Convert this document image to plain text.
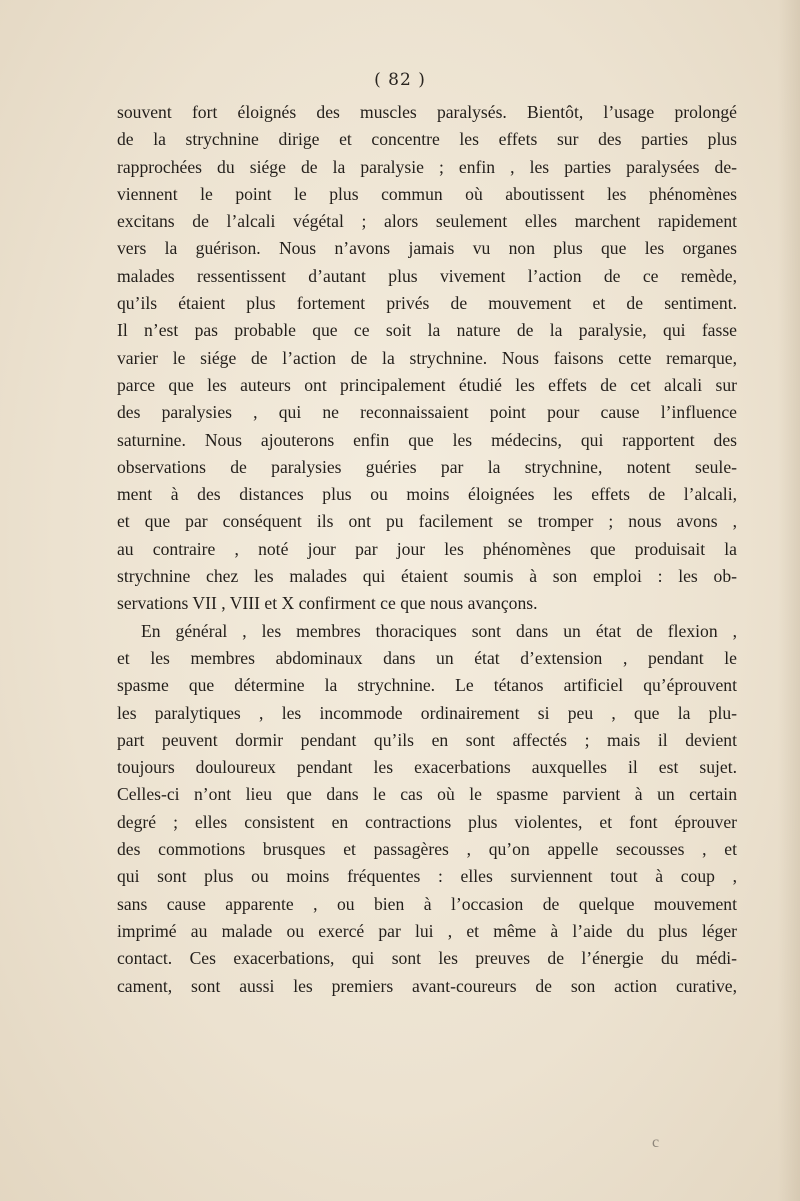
( 82 )
souvent fort éloignés des muscles paralysés. Bientôt, l’usage prolongé
de la strychnine dirige et concentre les effets sur des parties plus
rapprochées du siége de la paralysie ; enfin , les parties paralysées de-
viennent le point le plus commun où aboutissent les phénomènes
excitans de l’alcali végétal ; alors seulement elles marchent rapidement
vers la guérison. Nous n’avons jamais vu non plus que les organes
malades ressentissent d’autant plus vivement l’action de ce remède,
qu’ils étaient plus fortement privés de mouvement et de sentiment.
Il n’est pas probable que ce soit la nature de la paralysie, qui fasse
varier le siége de l’action de la strychnine. Nous faisons cette remarque,
parce que les auteurs ont principalement étudié les effets de cet alcali sur
des paralysies , qui ne reconnaissaient point pour cause l’influence
saturnine. Nous ajouterons enfin que les médecins, qui rapportent des
observations de paralysies guéries par la strychnine, notent seule-
ment à des distances plus ou moins éloignées les effets de l’alcali,
et que par conséquent ils ont pu facilement se tromper ; nous avons ,
au contraire , noté jour par jour les phénomènes que produisait la
strychnine chez les malades qui étaient soumis à son emploi : les ob-
servations VII , VIII et X confirment ce que nous avançons.
En général , les membres thoraciques sont dans un état de flexion ,
et les membres abdominaux dans un état d’extension , pendant le
spasme que détermine la strychnine. Le tétanos artificiel qu’éprouvent
les paralytiques , les incommode ordinairement si peu , que la plu-
part peuvent dormir pendant qu’ils en sont affectés ; mais il devient
toujours douloureux pendant les exacerbations auxquelles il est sujet.
Celles-ci n’ont lieu que dans le cas où le spasme parvient à un certain
degré ; elles consistent en contractions plus violentes, et font éprouver
des commotions brusques et passagères , qu’on appelle secousses , et
qui sont plus ou moins fréquentes : elles surviennent tout à coup ,
sans cause apparente , ou bien à l’occasion de quelque mouvement
imprimé au malade ou exercé par lui , et même à l’aide du plus léger
contact. Ces exacerbations, qui sont les preuves de l’énergie du médi-
cament, sont aussi les premiers avant-coureurs de son action curative,
c
